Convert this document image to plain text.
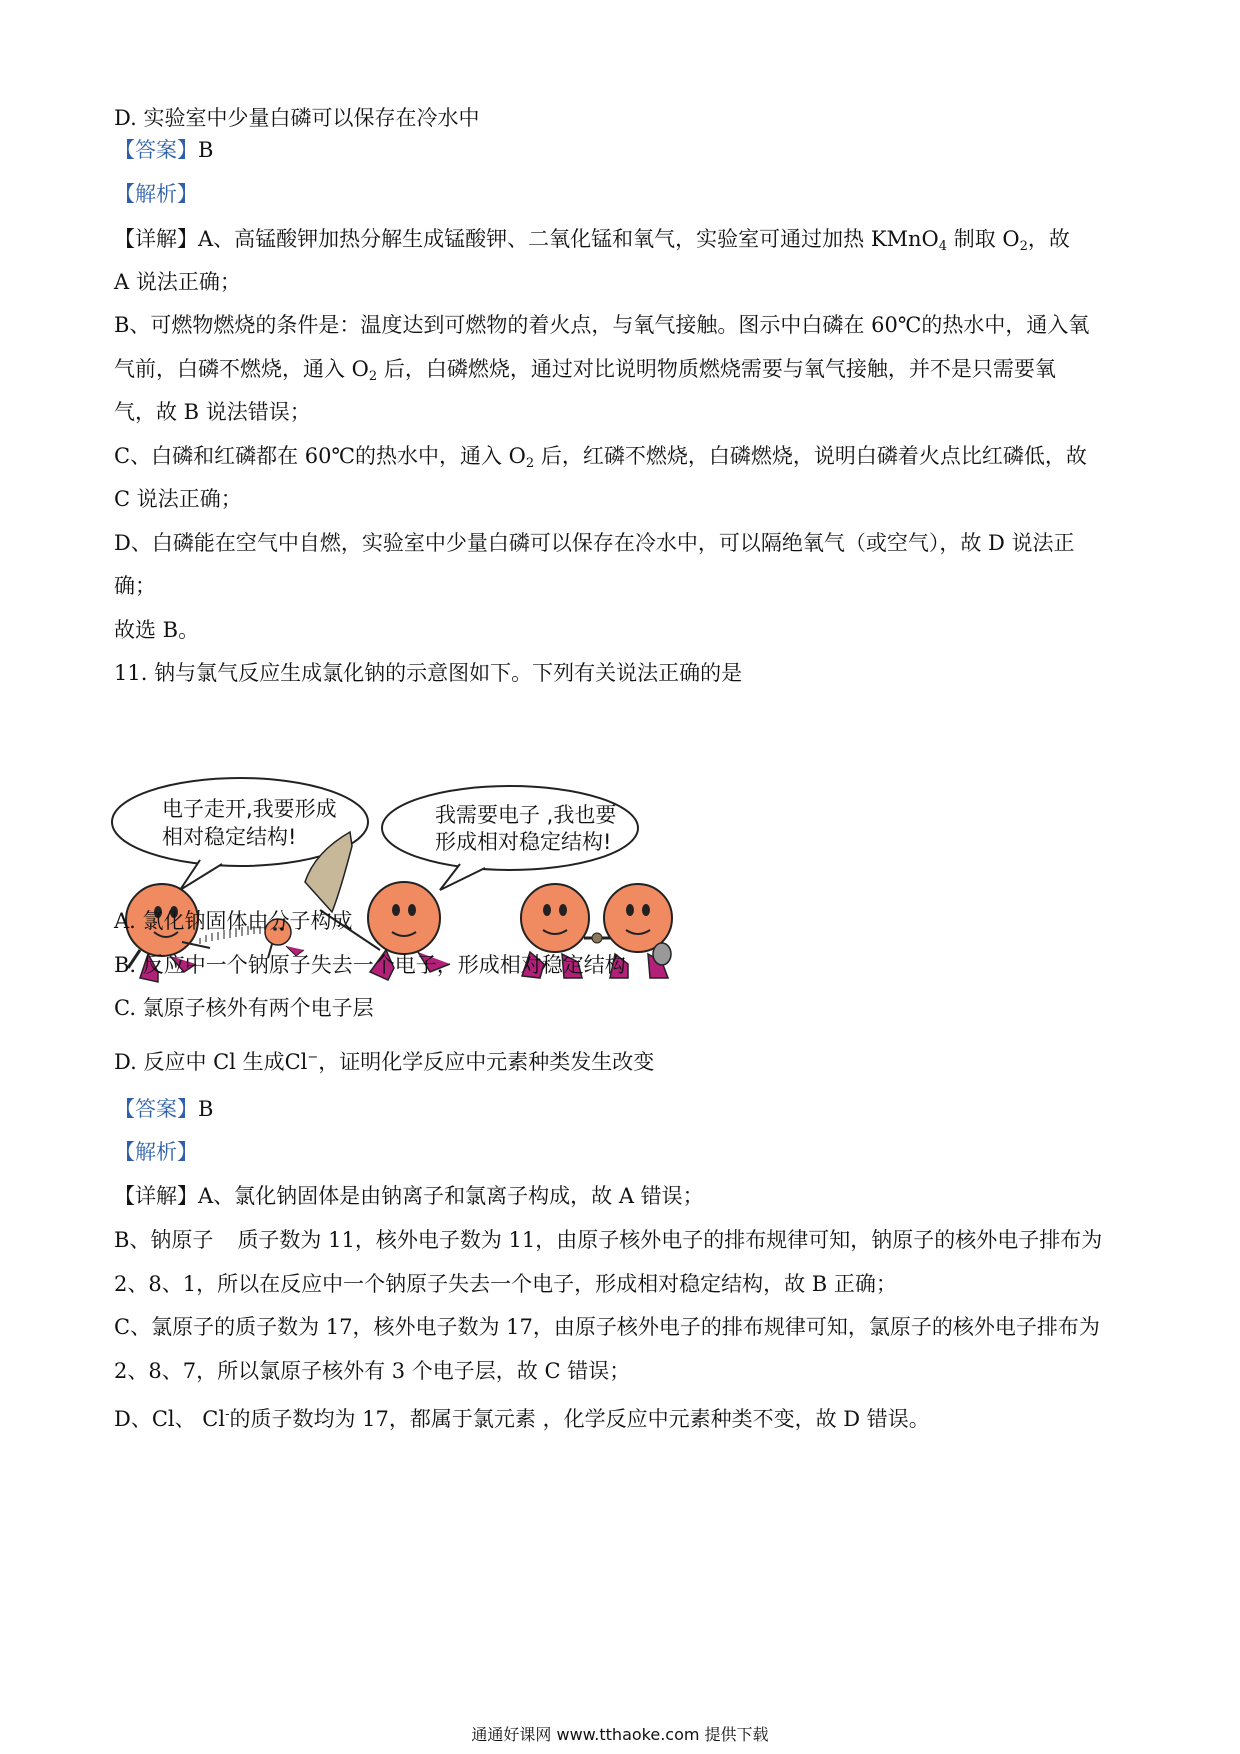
D. 实验室中少量白磷可以保存在冷水中
【答案】B
【解析】
【详解】A、高锰酸钾加热分解生成锰酸钾、二氧化锰和氧气，实验室可通过加热 KMnO$_4$ 制取 $O_2$，故
A 说法正确；
B、可燃物燃烧的条件是：温度达到可燃物的着火点，与氧气接触。图示中白磷在 60℃的热水中，通入氧
气前，白磷不燃烧，通入 $O_2$ 后，白磷燃烧，通过对比说明物质燃烧需要与氧气接触，并不是只需要氧
气，故 B 说法错误；
C、白磷和红磷都在 60℃的热水中，通入 $O_2$ 后，红磷不燃烧，白磷燃烧，说明白磷着火点比红磷低，故
C 说法正确；
D、白磷能在空气中自燃，实验室中少量白磷可以保存在冷水中，可以隔绝氧气（或空气），故 D 说法正
确；
故选 B。
11. 钠与氯气反应生成氯化钠的示意图如下。下列有关说法正确的是
电子走开,我要形成
相对稳定结构!
我需要电子 ,我也要
形成相对稳定结构!
A. 氯化钠固体由分子构成
B. 反应中一个钠原子失去一个电子，形成相对稳定结构
C. 氯原子核外有两个电子层
D. 反应中 Cl 生成Cl−，证明化学反应中元素种类发生改变
【答案】B
【解析】
【详解】A、氯化钠固体是由钠离子和氯离子构成，故 A 错误；
B、钠原子 质子数为 11，核外电子数为 11，由原子核外电子的排布规律可知，钠原子的核外电子排布为
2、8、1，所以在反应中一个钠原子失去一个电子，形成相对稳定结构，故 B 正确；
C、氯原子的质子数为 17，核外电子数为 17，由原子核外电子的排布规律可知，氯原子的核外电子排布为
2、8、7，所以氯原子核外有 3 个电子层，故 C 错误；
D、Cl、 Cl-的质子数均为 17，都属于氯元素 ，化学反应中元素种类不变，故 D 错误。
通通好课网 www.tthaoke.com 提供下载
